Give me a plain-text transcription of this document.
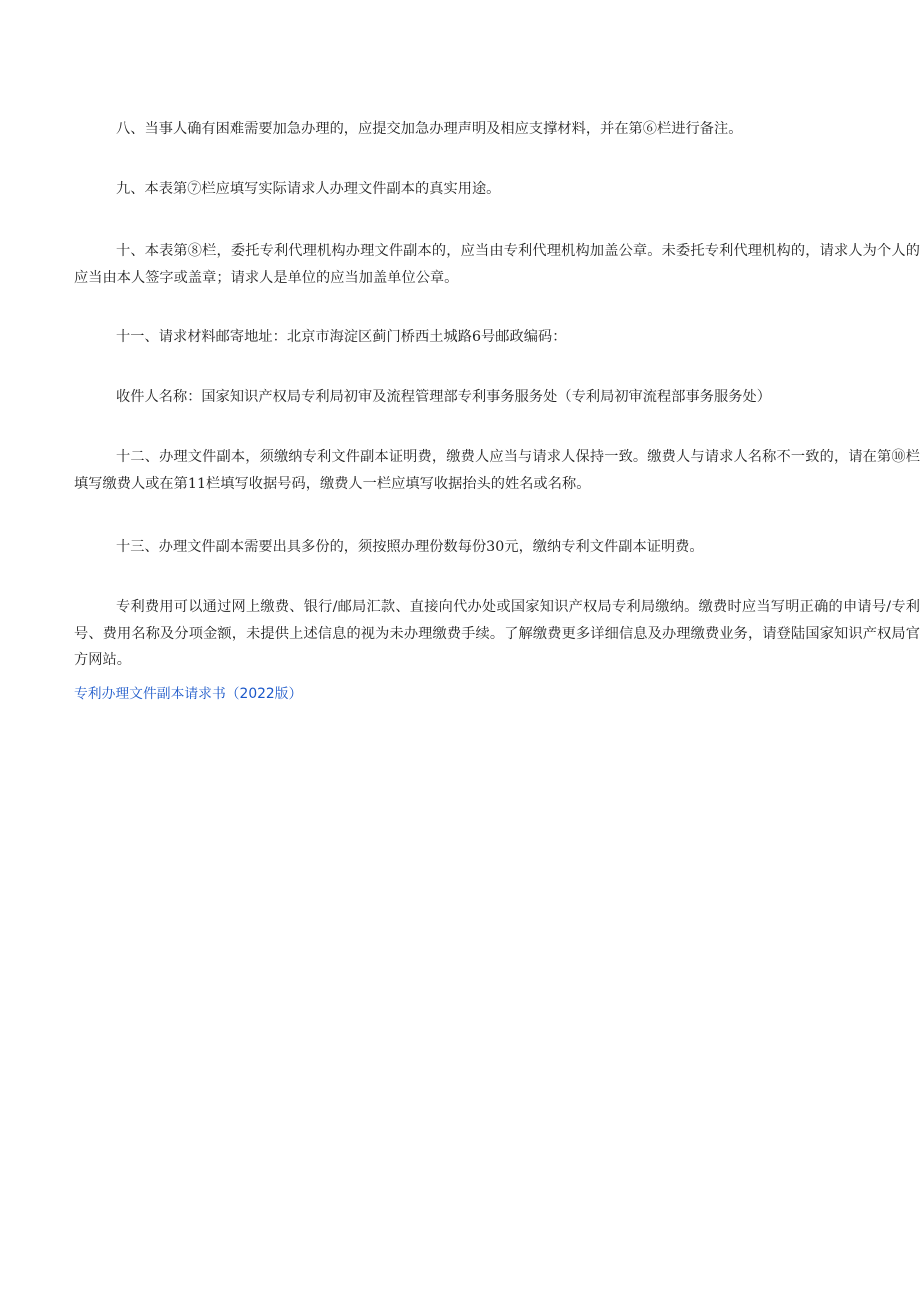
八、当事人确有困难需要加急办理的，应提交加急办理声明及相应支撑材料，并在第⑥栏进行备注。

九、本表第⑦栏应填写实际请求人办理文件副本的真实用途。

十、本表第⑧栏，委托专利代理机构办理文件副本的，应当由专利代理机构加盖公章。未委托专利代理机构的，请求人为个人的应当由本人签字或盖章；请求人是单位的应当加盖单位公章。

十一、请求材料邮寄地址：北京市海淀区蓟门桥西土城路6号邮政编码：

收件人名称：国家知识产权局专利局初审及流程管理部专利事务服务处（专利局初审流程部事务服务处）

十二、办理文件副本，须缴纳专利文件副本证明费，缴费人应当与请求人保持一致。缴费人与请求人名称不一致的，请在第⑩栏填写缴费人或在第11栏填写收据号码，缴费人一栏应填写收据抬头的姓名或名称。

十三、办理文件副本需要出具多份的，须按照办理份数每份30元，缴纳专利文件副本证明费。

专利费用可以通过网上缴费、银行/邮局汇款、直接向代办处或国家知识产权局专利局缴纳。缴费时应当写明正确的申请号/专利号、费用名称及分项金额，未提供上述信息的视为未办理缴费手续。了解缴费更多详细信息及办理缴费业务，请登陆国家知识产权局官方网站。

专利办理文件副本请求书（2022版）
